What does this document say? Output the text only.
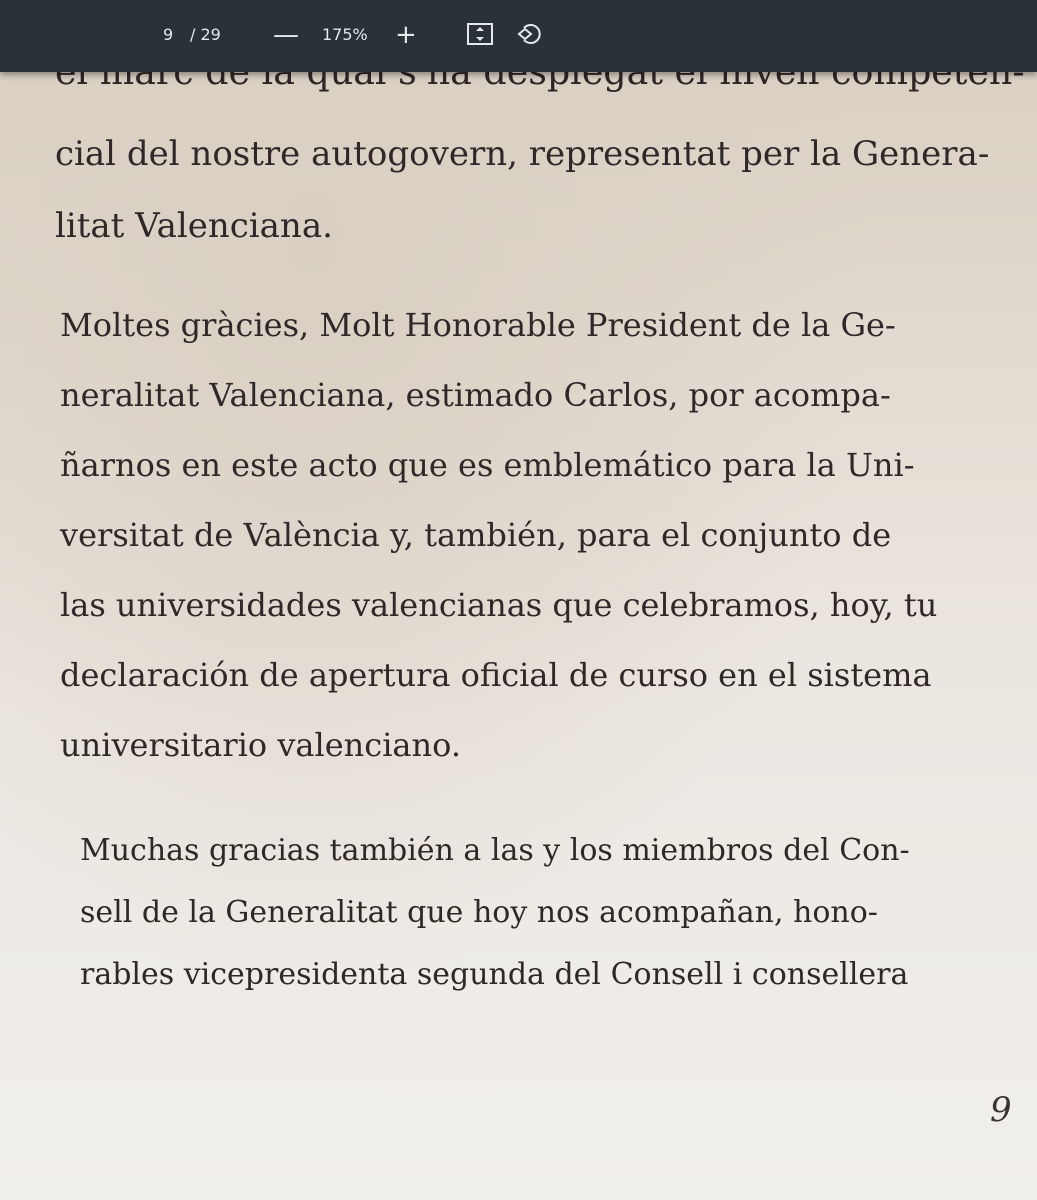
9 / 29 — 175% +

cial del nostre autogovern, representat per la Genera-
litat Valenciana.

Moltes gràcies, Molt Honorable President de la Ge-
neralitat Valenciana, estimado Carlos, por acompa-
ñarnos en este acto que es emblemático para la Uni-
versitat de València y, también, para el conjunto de
las universidades valencianas que celebramos, hoy, tu
declaración de apertura oficial de curso en el sistema
universitario valenciano.

Muchas gracias también a las y los miembros del Con-
sell de la Generalitat que hoy nos acompañan, hono-
rables vicepresidenta segunda del Consell i consellera

9
